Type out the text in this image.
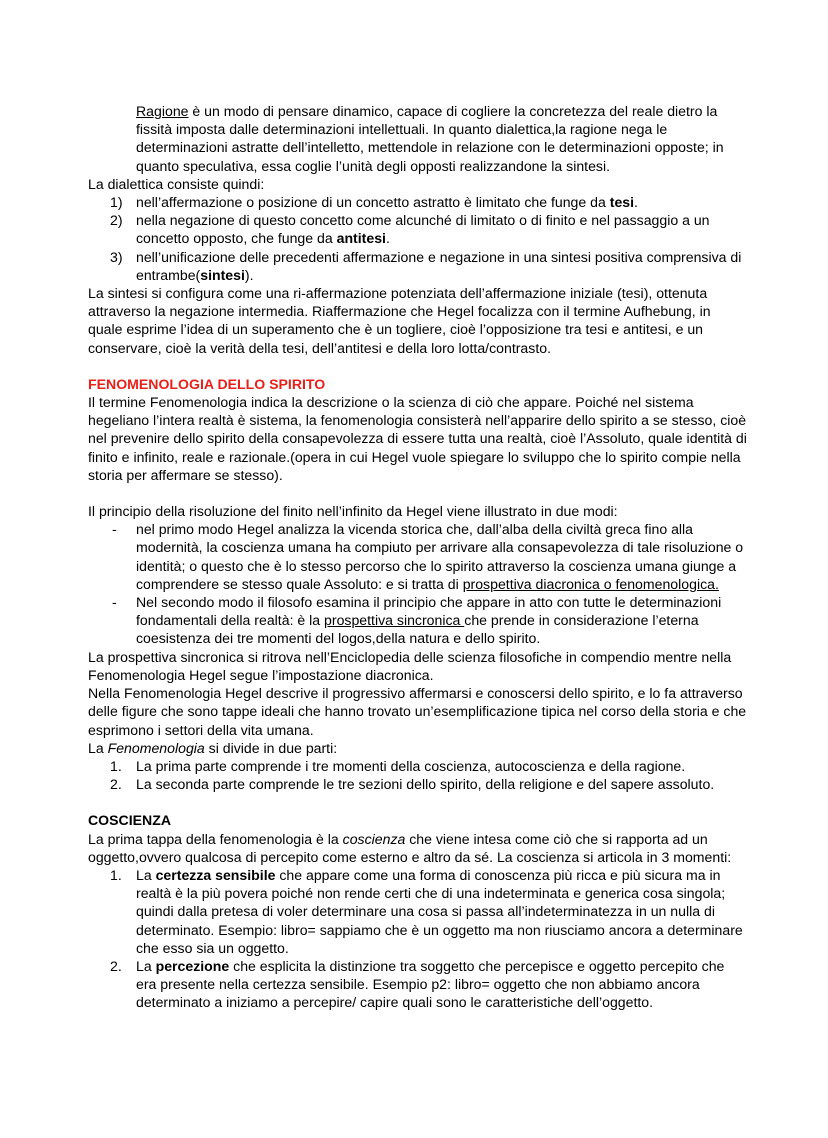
Ragione è un modo di pensare dinamico, capace di cogliere la concretezza del reale dietro la fissità imposta dalle determinazioni intellettuali. In quanto dialettica,la ragione nega le determinazioni astratte dell’intelletto, mettendole in relazione con le determinazioni opposte; in quanto speculativa, essa coglie l’unità degli opposti realizzandone la sintesi.

La dialettica consiste quindi:

1) nell’affermazione o posizione di un concetto astratto è limitato che funge da tesi.
2) nella negazione di questo concetto come alcunché di limitato o di finito e nel passaggio a un concetto opposto, che funge da antitesi.
3) nell’unificazione delle precedenti affermazione e negazione in una sintesi positiva comprensiva di entrambe(sintesi).

La sintesi si configura come una ri-affermazione potenziata dell’affermazione iniziale (tesi), ottenuta attraverso la negazione intermedia. Riaffermazione che Hegel focalizza con il termine Aufhebung, in quale esprime l’idea di un superamento che è un togliere, cioè l’opposizione tra tesi e antitesi, e un conservare, cioè la verità della tesi, dell’antitesi e della loro lotta/contrasto.

FENOMENOLOGIA DELLO SPIRITO

Il termine Fenomenologia indica la descrizione o la scienza di ciò che appare. Poiché nel sistema hegeliano l’intera realtà è sistema, la fenomenologia consisterà nell’apparire dello spirito a se stesso, cioè nel prevenire dello spirito della consapevolezza di essere tutta una realtà, cioè l’Assoluto, quale identità di finito e infinito, reale e razionale.(opera in cui Hegel vuole spiegare lo sviluppo che lo spirito compie nella storia per affermare se stesso).

Il principio della risoluzione del finito nell’infinito da Hegel viene illustrato in due modi:

- nel primo modo Hegel analizza la vicenda storica che, dall’alba della civiltà greca fino alla modernità, la coscienza umana ha compiuto per arrivare alla consapevolezza di tale risoluzione o identità; o questo che è lo stesso percorso che lo spirito attraverso la coscienza umana giunge a comprendere se stesso quale Assoluto: e si tratta di prospettiva diacronica o fenomenologica.
- Nel secondo modo il filosofo esamina il principio che appare in atto con tutte le determinazioni fondamentali della realtà: è la prospettiva sincronica che prende in considerazione l’eterna coesistenza dei tre momenti del logos,della natura e dello spirito.

La prospettiva sincronica si ritrova nell’Enciclopedia delle scienza filosofiche in compendio mentre nella Fenomenologia Hegel segue l’impostazione diacronica.

Nella Fenomenologia Hegel descrive il progressivo affermarsi e conoscersi dello spirito, e lo fa attraverso delle figure che sono tappe ideali che hanno trovato un’esemplificazione tipica nel corso della storia e che esprimono i settori della vita umana.

La Fenomenologia si divide in due parti:

1. La prima parte comprende i tre momenti della coscienza, autocoscienza e della ragione.
2. La seconda parte comprende le tre sezioni dello spirito, della religione e del sapere assoluto.

COSCIENZA

La prima tappa della fenomenologia è la coscienza che viene intesa come ciò che si rapporta ad un oggetto,ovvero qualcosa di percepito come esterno e altro da sé. La coscienza si articola in 3 momenti:

1. La certezza sensibile che appare come una forma di conoscenza più ricca e più sicura ma in realtà è la più povera poiché non rende certi che di una indeterminata e generica cosa singola; quindi dalla pretesa di voler determinare una cosa si passa all’indeterminatezza in un nulla di determinato. Esempio: libro= sappiamo che è un oggetto ma non riusciamo ancora a determinare che esso sia un oggetto.
2. La percezione che esplicita la distinzione tra soggetto che percepisce e oggetto percepito che era presente nella certezza sensibile. Esempio p2: libro= oggetto che non abbiamo ancora determinato a iniziamo a percepire/ capire quali sono le caratteristiche dell’oggetto.
